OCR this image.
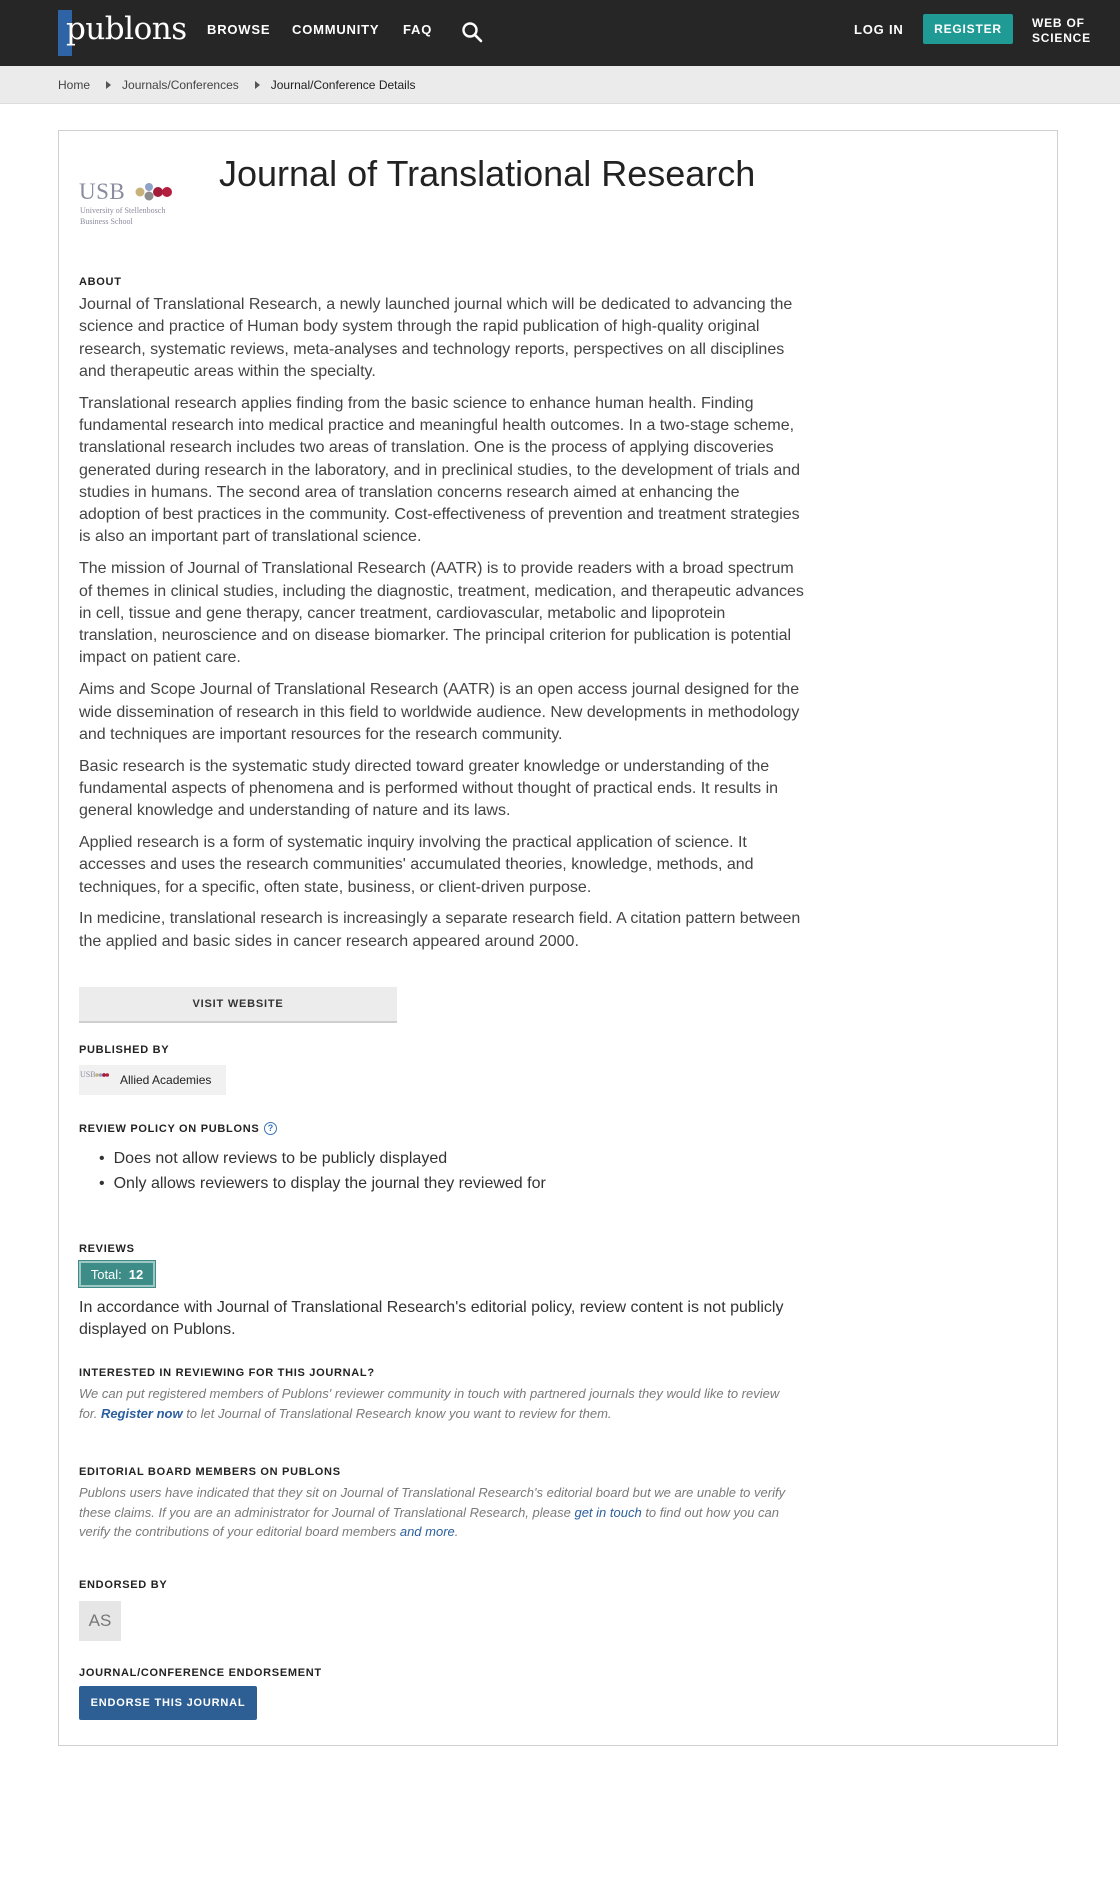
publons BROWSE COMMUNITY FAQ	LOG IN	REGISTER	WEB OF SCIENCE
Home	Journals/Conferences	Journal/Conference Details
USB
University of Stellenbosch
Business School
Journal of Translational Research
ABOUT

Journal of Translational Research, a newly launched journal which will be dedicated to advancing the science and practice of Human body system through the rapid publication of high-quality original research, systematic reviews, meta-analyses and technology reports, perspectives on all disciplines and therapeutic areas within the specialty.

Translational research applies finding from the basic science to enhance human health. Finding fundamental research into medical practice and meaningful health outcomes. In a two-stage scheme, translational research includes two areas of translation. One is the process of applying discoveries generated during research in the laboratory, and in preclinical studies, to the development of trials and studies in humans. The second area of translation concerns research aimed at enhancing the adoption of best practices in the community. Cost-effectiveness of prevention and treatment strategies is also an important part of translational science.

The mission of Journal of Translational Research (AATR) is to provide readers with a broad spectrum of themes in clinical studies, including the diagnostic, treatment, medication, and therapeutic advances in cell, tissue and gene therapy, cancer treatment, cardiovascular, metabolic and lipoprotein translation, neuroscience and on disease biomarker. The principal criterion for publication is potential impact on patient care.

Aims and Scope Journal of Translational Research (AATR) is an open access journal designed for the wide dissemination of research in this field to worldwide audience. New developments in methodology and techniques are important resources for the research community.

Basic research is the systematic study directed toward greater knowledge or understanding of the fundamental aspects of phenomena and is performed without thought of practical ends. It results in general knowledge and understanding of nature and its laws.

Applied research is a form of systematic inquiry involving the practical application of science. It accesses and uses the research communities' accumulated theories, knowledge, methods, and techniques, for a specific, often state, business, or client-driven purpose.

In medicine, translational research is increasingly a separate research field. A citation pattern between the applied and basic sides in cancer research appeared around 2000.

VISIT WEBSITE
PUBLISHED BY
USB Allied Academies
REVIEW POLICY ON PUBLONS ?
• Does not allow reviews to be publicly displayed
• Only allows reviewers to display the journal they reviewed for
REVIEWS
Total: 12
In accordance with Journal of Translational Research's editorial policy, review content is not publicly displayed on Publons.
INTERESTED IN REVIEWING FOR THIS JOURNAL?
We can put registered members of Publons' reviewer community in touch with partnered journals they would like to review for. Register now to let Journal of Translational Research know you want to review for them.
EDITORIAL BOARD MEMBERS ON PUBLONS
Publons users have indicated that they sit on Journal of Translational Research's editorial board but we are unable to verify these claims. If you are an administrator for Journal of Translational Research, please get in touch to find out how you can verify the contributions of your editorial board members and more.
ENDORSED BY
AS
JOURNAL/CONFERENCE ENDORSEMENT
ENDORSE THIS JOURNAL
